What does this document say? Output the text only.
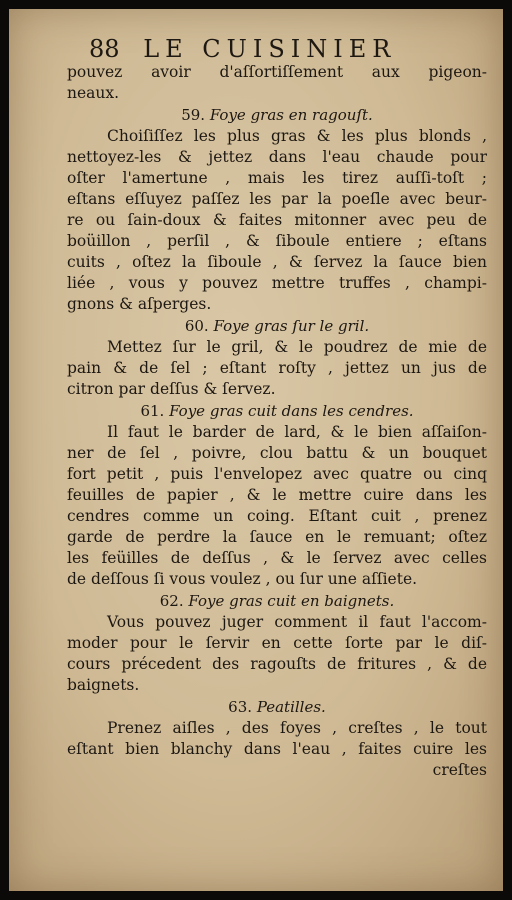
88 LE CUISINIER
pouvez avoir d'aſſortiſſement aux pigeon-
neaux.
59. Foye gras en ragouſt.
Choiſiſſez les plus gras & les plus blonds ,
nettoyez-les & jettez dans l'eau chaude pour
oſter l'amertune , mais les tirez auſſi-toſt ;
eſtans eſſuyez paſſez les par la poeſle avec beur-
re ou ſain-doux & faites mitonner avec peu de
boüillon , perſil , & ſiboule entiere ; eſtans
cuits , oſtez la ſiboule , & ſervez la ſauce bien
liée , vous y pouvez mettre truffes , champi-
gnons & aſperges.
60. Foye gras ſur le gril.
Mettez ſur le gril, & le poudrez de mie de
pain & de ſel ; eſtant roſty , jettez un jus de
citron par deſſus & ſervez.
61. Foye gras cuit dans les cendres.
Il faut le barder de lard, & le bien aſſaiſon-
ner de ſel , poivre, clou battu & un bouquet
fort petit , puis l'envelopez avec quatre ou cinq
feuilles de papier , & le mettre cuire dans les
cendres comme un coing. Eſtant cuit , prenez
garde de perdre la ſauce en le remuant; oſtez
les feüilles de deſſus , & le ſervez avec celles
de deſſous ſi vous voulez , ou ſur une aſſiete.
62. Foye gras cuit en baignets.
Vous pouvez juger comment il faut l'accom-
moder pour le ſervir en cette ſorte par le diſ-
cours précedent des ragouſts de fritures , & de
baignets.
63. Peatilles.
Prenez aiſles , des foyes , creſtes , le tout
eſtant bien blanchy dans l'eau , faites cuire les
creſtes
